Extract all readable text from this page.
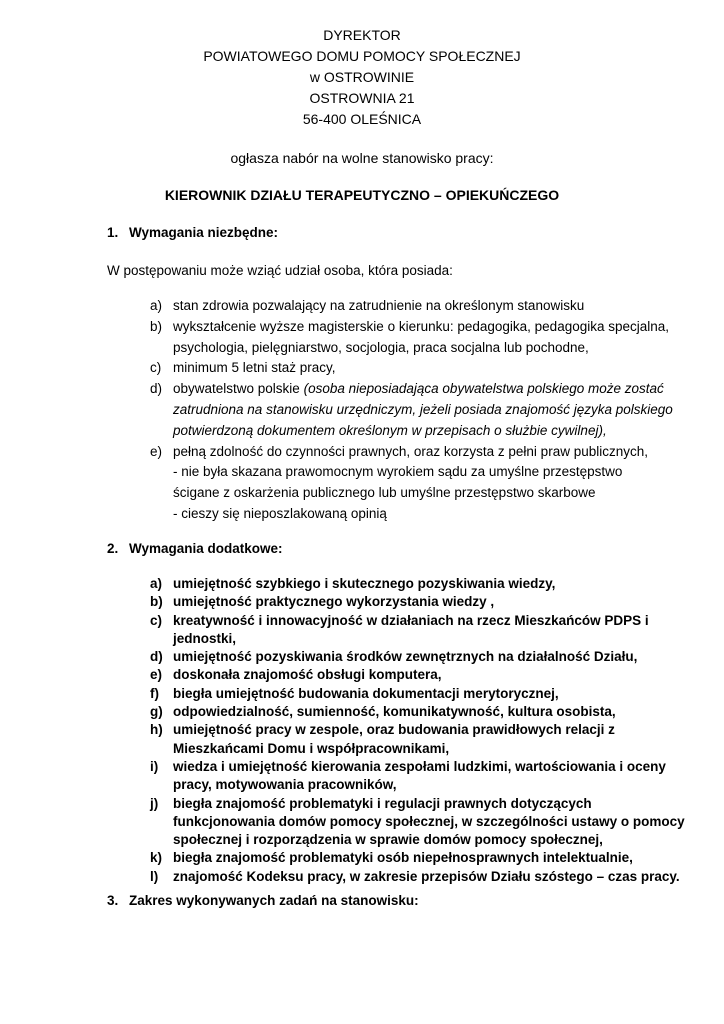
DYREKTOR
POWIATOWEGO DOMU POMOCY SPOŁECZNEJ
w OSTROWINIE
OSTROWNIA 21
56-400 OLEŚNICA
ogłasza nabór na wolne stanowisko pracy:
KIEROWNIK DZIAŁU TERAPEUTYCZNO – OPIEKUŃCZEGO
1. Wymagania niezbędne:
W postępowaniu może wziąć udział osoba, która posiada:
a) stan zdrowia pozwalający na zatrudnienie na określonym stanowisku
b) wykształcenie wyższe magisterskie o kierunku: pedagogika, pedagogika specjalna,
psychologia, pielęgniarstwo, socjologia, praca socjalna lub pochodne,
c) minimum 5 letni staż pracy,
d) obywatelstwo polskie (osoba nieposiadająca obywatelstwa polskiego może zostać
zatrudniona na stanowisku urzędniczym, jeżeli posiada znajomość języka polskiego
potwierdzoną dokumentem określonym w przepisach o służbie cywilnej),
e) pełną zdolność do czynności prawnych, oraz korzysta z pełni praw publicznych,
- nie była skazana prawomocnym wyrokiem sądu za umyślne przestępstwo
ścigane z oskarżenia publicznego lub umyślne przestępstwo skarbowe
- cieszy się nieposzlakowaną opinią
2. Wymagania dodatkowe:
a) umiejętność szybkiego i skutecznego pozyskiwania wiedzy,
b) umiejętność praktycznego wykorzystania wiedzy ,
c) kreatywność i innowacyjność w działaniach na rzecz Mieszkańców PDPS i
jednostki,
d) umiejętność pozyskiwania środków zewnętrznych na działalność Działu,
e) doskonała znajomość obsługi komputera,
f)	biegła umiejętność budowania dokumentacji merytorycznej,
g) odpowiedzialność, sumienność, komunikatywność, kultura osobista,
h) umiejętność pracy w zespole, oraz budowania prawidłowych relacji z
Mieszkańcami Domu i współpracownikami,
i)	wiedza i umiejętność kierowania zespołami ludzkimi, wartościowania i oceny
pracy, motywowania pracowników,
j)	biegła znajomość problematyki i regulacji prawnych dotyczących
funkcjonowania domów pomocy społecznej, w szczególności ustawy o pomocy
społecznej i rozporządzenia w sprawie domów pomocy społecznej,
k) biegła znajomość problematyki osób niepełnosprawnych intelektualnie,
l)	znajomość Kodeksu pracy, w zakresie przepisów Działu szóstego – czas pracy.
3. Zakres wykonywanych zadań na stanowisku:
